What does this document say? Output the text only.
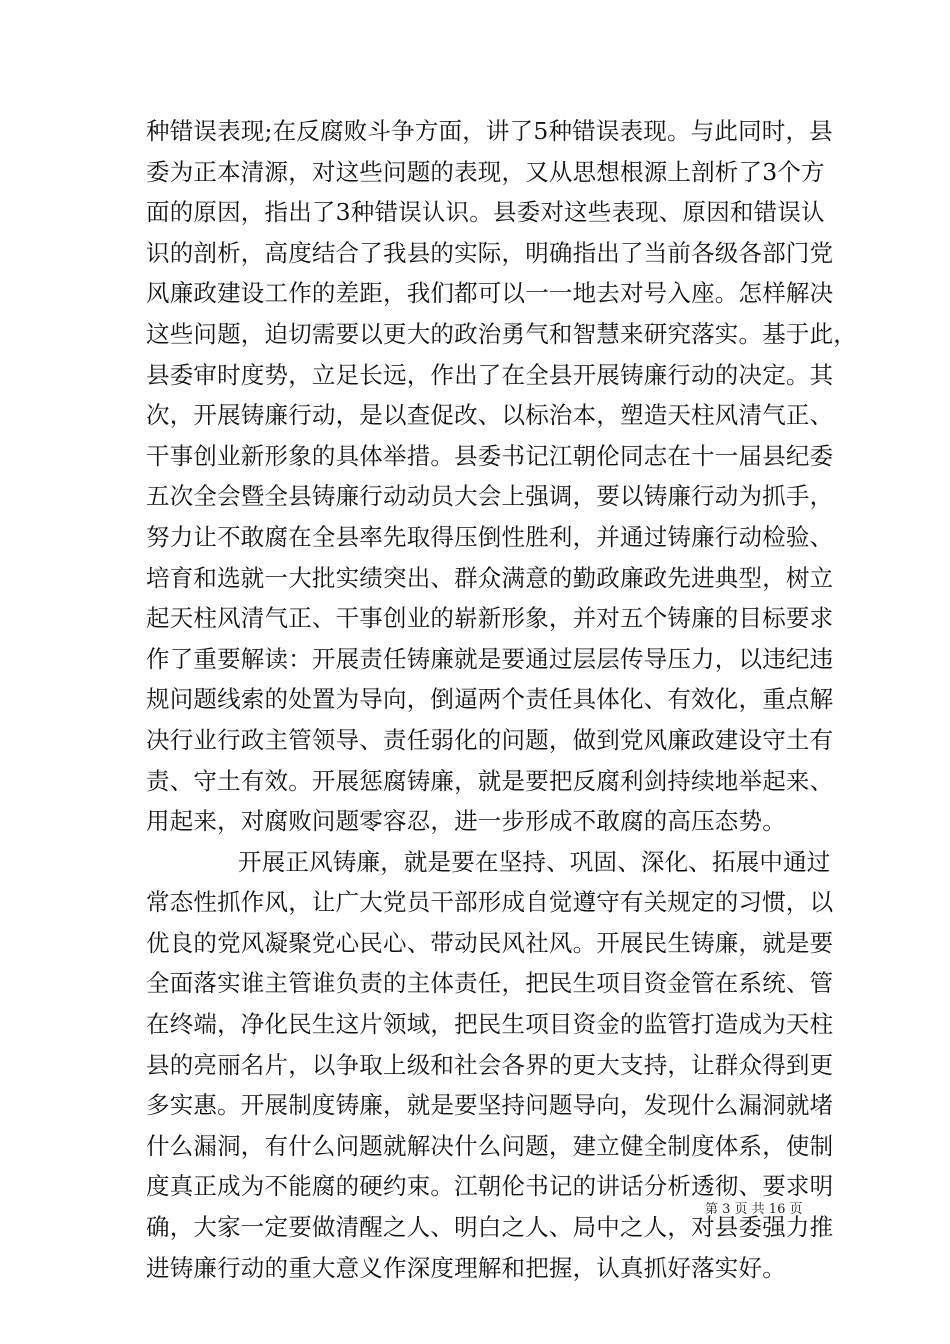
种错误表现;在反腐败斗争方面，讲了5种错误表现。与此同时，县
委为正本清源，对这些问题的表现，又从思想根源上剖析了3个方
面的原因，指出了3种错误认识。县委对这些表现、原因和错误认
识的剖析，高度结合了我县的实际，明确指出了当前各级各部门党
风廉政建设工作的差距，我们都可以一一地去对号入座。怎样解决
这些问题，迫切需要以更大的政治勇气和智慧来研究落实。基于此，
县委审时度势，立足长远，作出了在全县开展铸廉行动的决定。其
次，开展铸廉行动，是以查促改、以标治本，塑造天柱风清气正、
干事创业新形象的具体举措。县委书记江朝伦同志在十一届县纪委
五次全会暨全县铸廉行动动员大会上强调，要以铸廉行动为抓手，
努力让不敢腐在全县率先取得压倒性胜利，并通过铸廉行动检验、
培育和选就一大批实绩突出、群众满意的勤政廉政先进典型，树立
起天柱风清气正、干事创业的崭新形象，并对五个铸廉的目标要求
作了重要解读：开展责任铸廉就是要通过层层传导压力，以违纪违
规问题线索的处置为导向，倒逼两个责任具体化、有效化，重点解
决行业行政主管领导、责任弱化的问题，做到党风廉政建设守土有
责、守土有效。开展惩腐铸廉，就是要把反腐利剑持续地举起来、
用起来，对腐败问题零容忍，进一步形成不敢腐的高压态势。
开展正风铸廉，就是要在坚持、巩固、深化、拓展中通过
常态性抓作风，让广大党员干部形成自觉遵守有关规定的习惯，以
优良的党风凝聚党心民心、带动民风社风。开展民生铸廉，就是要
全面落实谁主管谁负责的主体责任，把民生项目资金管在系统、管
在终端，净化民生这片领域，把民生项目资金的监管打造成为天柱
县的亮丽名片，以争取上级和社会各界的更大支持，让群众得到更
多实惠。开展制度铸廉，就是要坚持问题导向，发现什么漏洞就堵
什么漏洞，有什么问题就解决什么问题，建立健全制度体系，使制
度真正成为不能腐的硬约束。江朝伦书记的讲话分析透彻、要求明
确，大家一定要做清醒之人、明白之人、局中之人，对县委强力推
进铸廉行动的重大意义作深度理解和把握，认真抓好落实好。
第 3 页 共 16 页
